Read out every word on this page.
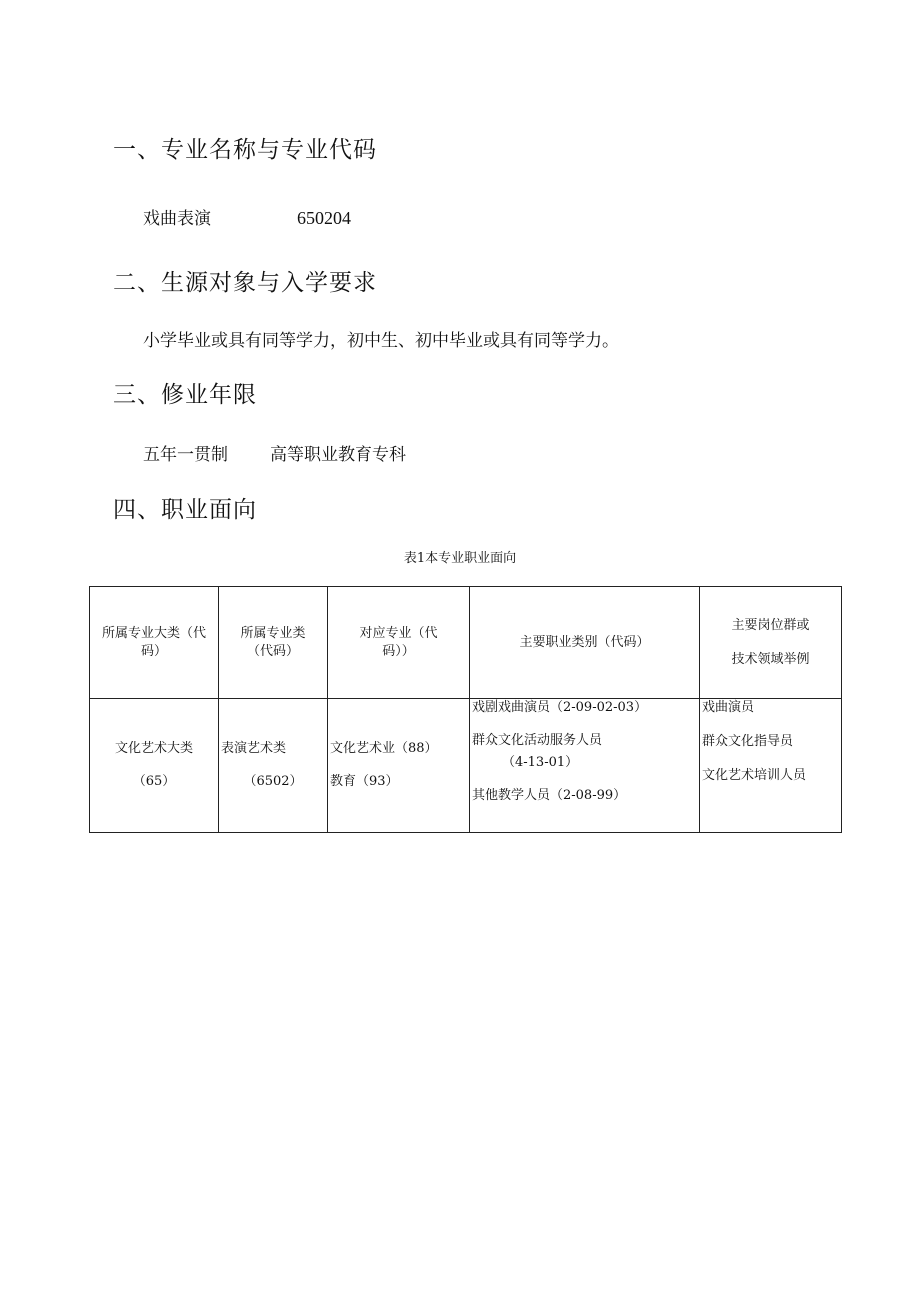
一、专业名称与专业代码

戏曲表演	650204

二、生源对象与入学要求

小学毕业或具有同等学力，初中生、初中毕业或具有同等学力。

三、修业年限

五年一贯制 高等职业教育专科

四、职业面向

表1本专业职业面向

所属专业大类（代
码）	所属专业类
（代码）	对应专业（代
码））	主要职业类别（代码）	主要岗位群或
技术领域举例

文化艺术大类
（65）	表演艺术类
（6502）	文化艺术业（88）
教育（93）	戏剧戏曲演员（2-09-02-03）
群众文化活动服务人员
（4-13-01）
其他教学人员（2-08-99）	戏曲演员
群众文化指导员
文化艺术培训人员
